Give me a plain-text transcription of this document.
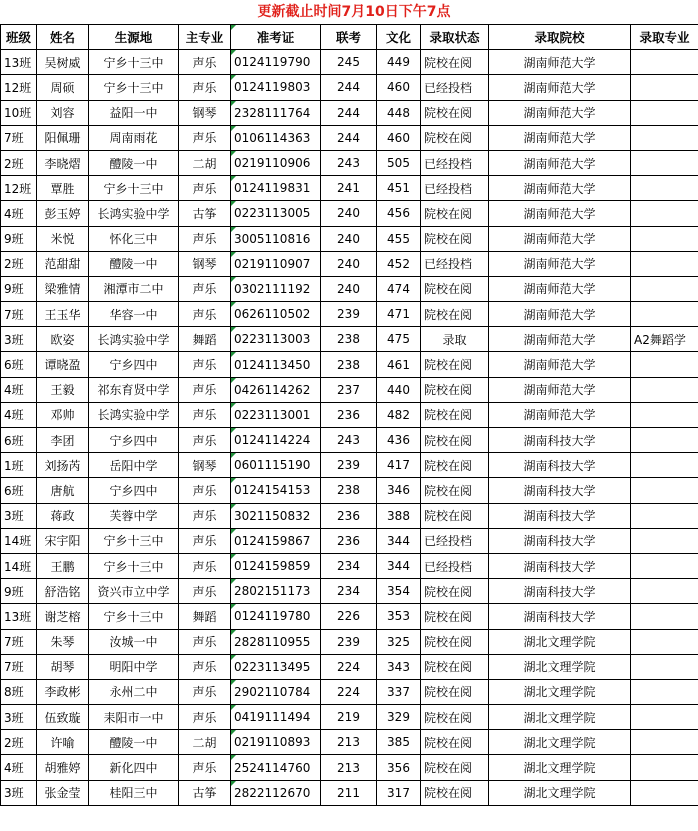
更新截止时间7月10日下午7点
班级	姓名	生源地	主专业	准考证	联考	文化	录取状态	录取院校	录取专业
13班	吴树威	宁乡十三中	声乐	0124119790	245	449	院校在阅	湖南师范大学	
12班	周硕	宁乡十三中	声乐	0124119803	244	460	已经投档	湖南师范大学	
10班	刘容	益阳一中	钢琴	2328111764	244	448	院校在阅	湖南师范大学	
7班	阳佩珊	周南雨花	声乐	0106114363	244	460	院校在阅	湖南师范大学	
2班	李晓熠	醴陵一中	二胡	0219110906	243	505	已经投档	湖南师范大学	
12班	覃胜	宁乡十三中	声乐	0124119831	241	451	已经投档	湖南师范大学	
4班	彭玉婷	长鸿实验中学	古筝	0223113005	240	456	院校在阅	湖南师范大学	
9班	米悦	怀化三中	声乐	3005110816	240	455	院校在阅	湖南师范大学	
2班	范甜甜	醴陵一中	钢琴	0219110907	240	452	已经投档	湖南师范大学	
9班	梁雅情	湘潭市二中	声乐	0302111192	240	474	院校在阅	湖南师范大学	
7班	王玉华	华容一中	声乐	0626110502	239	471	院校在阅	湖南师范大学	
3班	欧姿	长鸿实验中学	舞蹈	0223113003	238	475	录取	湖南师范大学	A2舞蹈学
6班	谭晓盈	宁乡四中	声乐	0124113450	238	461	院校在阅	湖南师范大学	
4班	王毅	祁东育贤中学	声乐	0426114262	237	440	院校在阅	湖南师范大学	
4班	邓帅	长鸿实验中学	声乐	0223113001	236	482	院校在阅	湖南师范大学	
6班	李团	宁乡四中	声乐	0124114224	243	436	院校在阅	湖南科技大学	
1班	刘扬芮	岳阳中学	钢琴	0601115190	239	417	院校在阅	湖南科技大学	
6班	唐航	宁乡四中	声乐	0124154153	238	346	院校在阅	湖南科技大学	
3班	蒋政	芙蓉中学	声乐	3021150832	236	388	院校在阅	湖南科技大学	
14班	宋宇阳	宁乡十三中	声乐	0124159867	236	344	已经投档	湖南科技大学	
14班	王鹏	宁乡十三中	声乐	0124159859	234	344	已经投档	湖南科技大学	
9班	舒浩铭	资兴市立中学	声乐	2802151173	234	354	院校在阅	湖南科技大学	
13班	谢芝榕	宁乡十三中	舞蹈	0124119780	226	353	院校在阅	湖南科技大学	
7班	朱琴	汝城一中	声乐	2828110955	239	325	院校在阅	湖北文理学院	
7班	胡琴	明阳中学	声乐	0223113495	224	343	院校在阅	湖北文理学院	
8班	李政彬	永州二中	声乐	2902110784	224	337	院校在阅	湖北文理学院	
3班	伍致璇	耒阳市一中	声乐	0419111494	219	329	院校在阅	湖北文理学院	
2班	许喻	醴陵一中	二胡	0219110893	213	385	院校在阅	湖北文理学院	
4班	胡雅婷	新化四中	声乐	2524114760	213	356	院校在阅	湖北文理学院	
3班	张金莹	桂阳三中	古筝	2822112670	211	317	院校在阅	湖北文理学院	
